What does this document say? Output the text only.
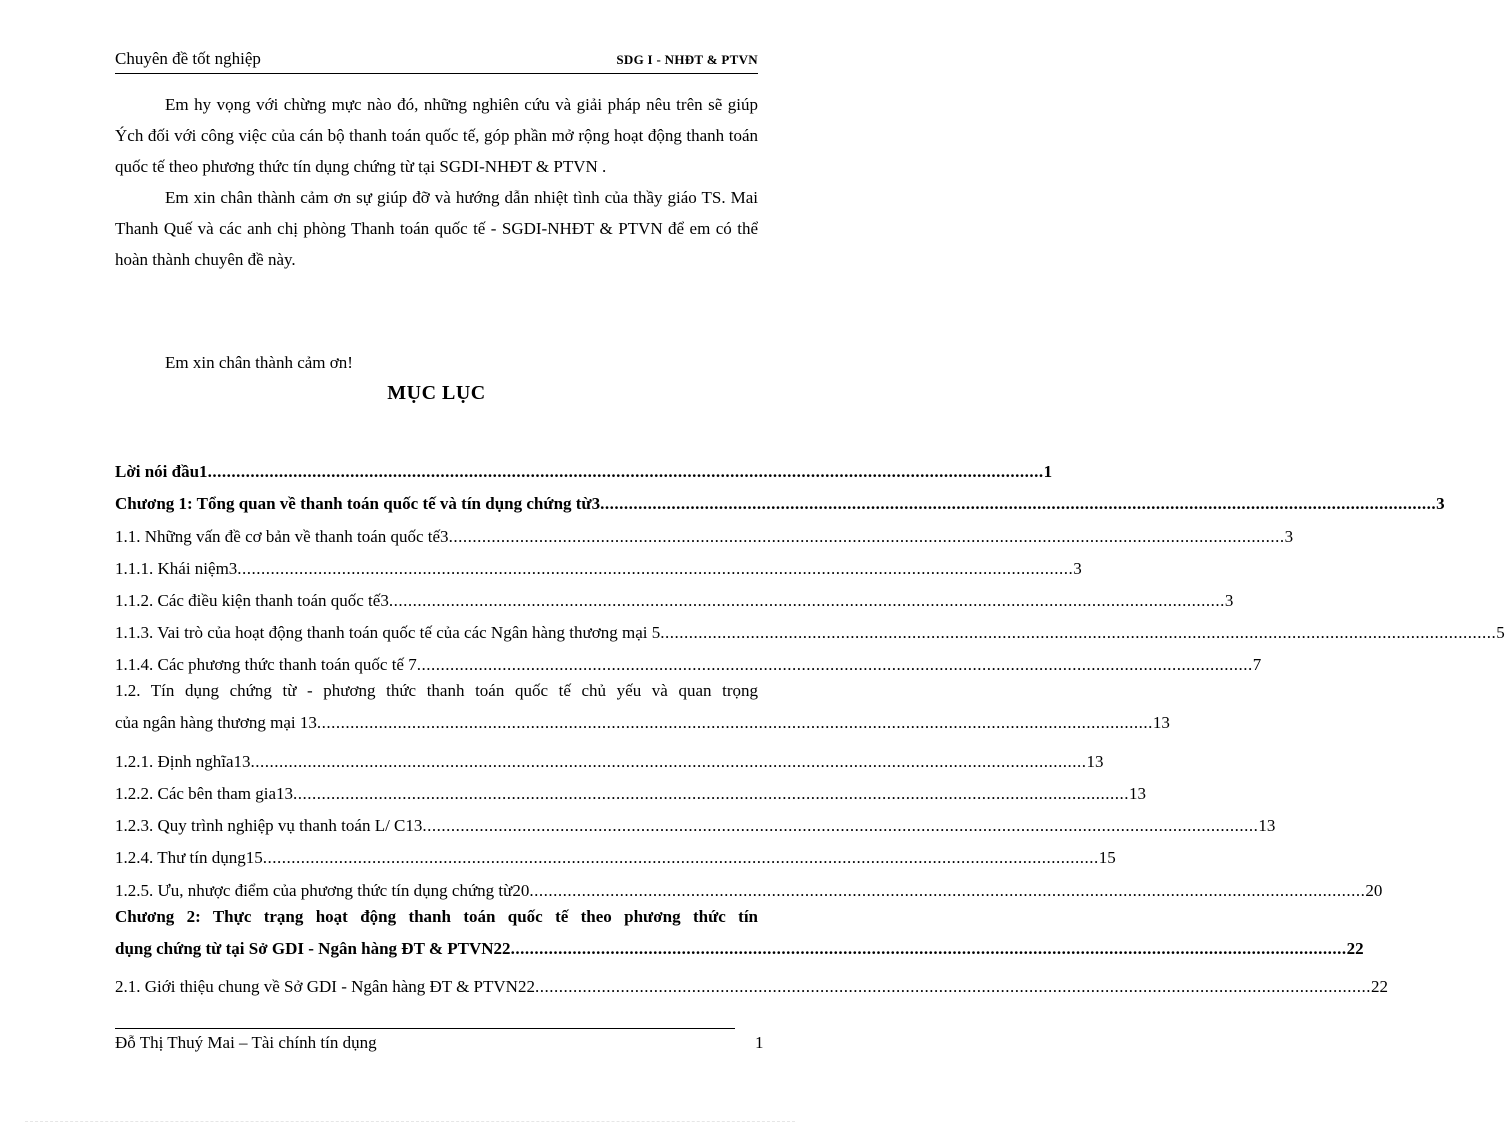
Chuyên đề tốt nghiệp	SDG I - NHĐT & PTVN

Em hy vọng với chừng mực nào đó, những nghiên cứu và giải pháp nêu trên sẽ giúp Ých đối với công việc của cán bộ thanh toán quốc tế, góp phần mở rộng hoạt động thanh toán quốc tế theo phương thức tín dụng chứng từ tại SGDI-NHĐT & PTVN .

Em xin chân thành cảm ơn sự giúp đỡ và hướng dẫn nhiệt tình của thầy giáo TS. Mai Thanh Quế và các anh chị phòng Thanh toán quốc tế - SGDI-NHĐT & PTVN để em có thể hoàn thành chuyên đề này.

Em xin chân thành cảm ơn!
MỤC LỤC
Lời nói đầu1 ................................................................................................................................................................................ 1
Chương 1: Tổng quan về thanh toán quốc tế và tín dụng chứng từ3 ................................................................................................................................................................................ 3
1.1. Những vấn đề cơ bản về thanh toán quốc tế3 ................................................................................................................................................................................ 3
1.1.1. Khái niệm3 ................................................................................................................................................................................ 3
1.1.2. Các điều kiện thanh toán quốc tế3 ................................................................................................................................................................................ 3
1.1.3. Vai trò của hoạt động thanh toán quốc tế của các Ngân hàng thương mại 5 ................................................................................................................................................................................ 5
1.1.4. Các phương thức thanh toán quốc tế 7 ................................................................................................................................................................................ 7
1.2. Tín dụng chứng từ - phương thức thanh toán quốc tế chủ yếu và quan trọng
của ngân hàng thương mại 13 ................................................................................................................................................................................ 13
1.2.1. Định nghĩa13 ................................................................................................................................................................................ 13
1.2.2. Các bên tham gia13 ................................................................................................................................................................................ 13
1.2.3. Quy trình nghiệp vụ thanh toán L/ C13 ................................................................................................................................................................................ 13
1.2.4. Thư tín dụng15 ................................................................................................................................................................................ 15
1.2.5. Ưu, nhược điểm của phương thức tín dụng chứng từ20 ................................................................................................................................................................................ 20
Chương 2: Thực trạng hoạt động thanh toán quốc tế theo phương thức tín
dụng chứng từ tại Sở GDI - Ngân hàng ĐT & PTVN22 ................................................................................................................................................................................ 22
2.1. Giới thiệu chung về Sở GDI - Ngân hàng ĐT & PTVN22 ................................................................................................................................................................................ 22
Đỗ Thị Thuý Mai – Tài chính tín dụng	1
